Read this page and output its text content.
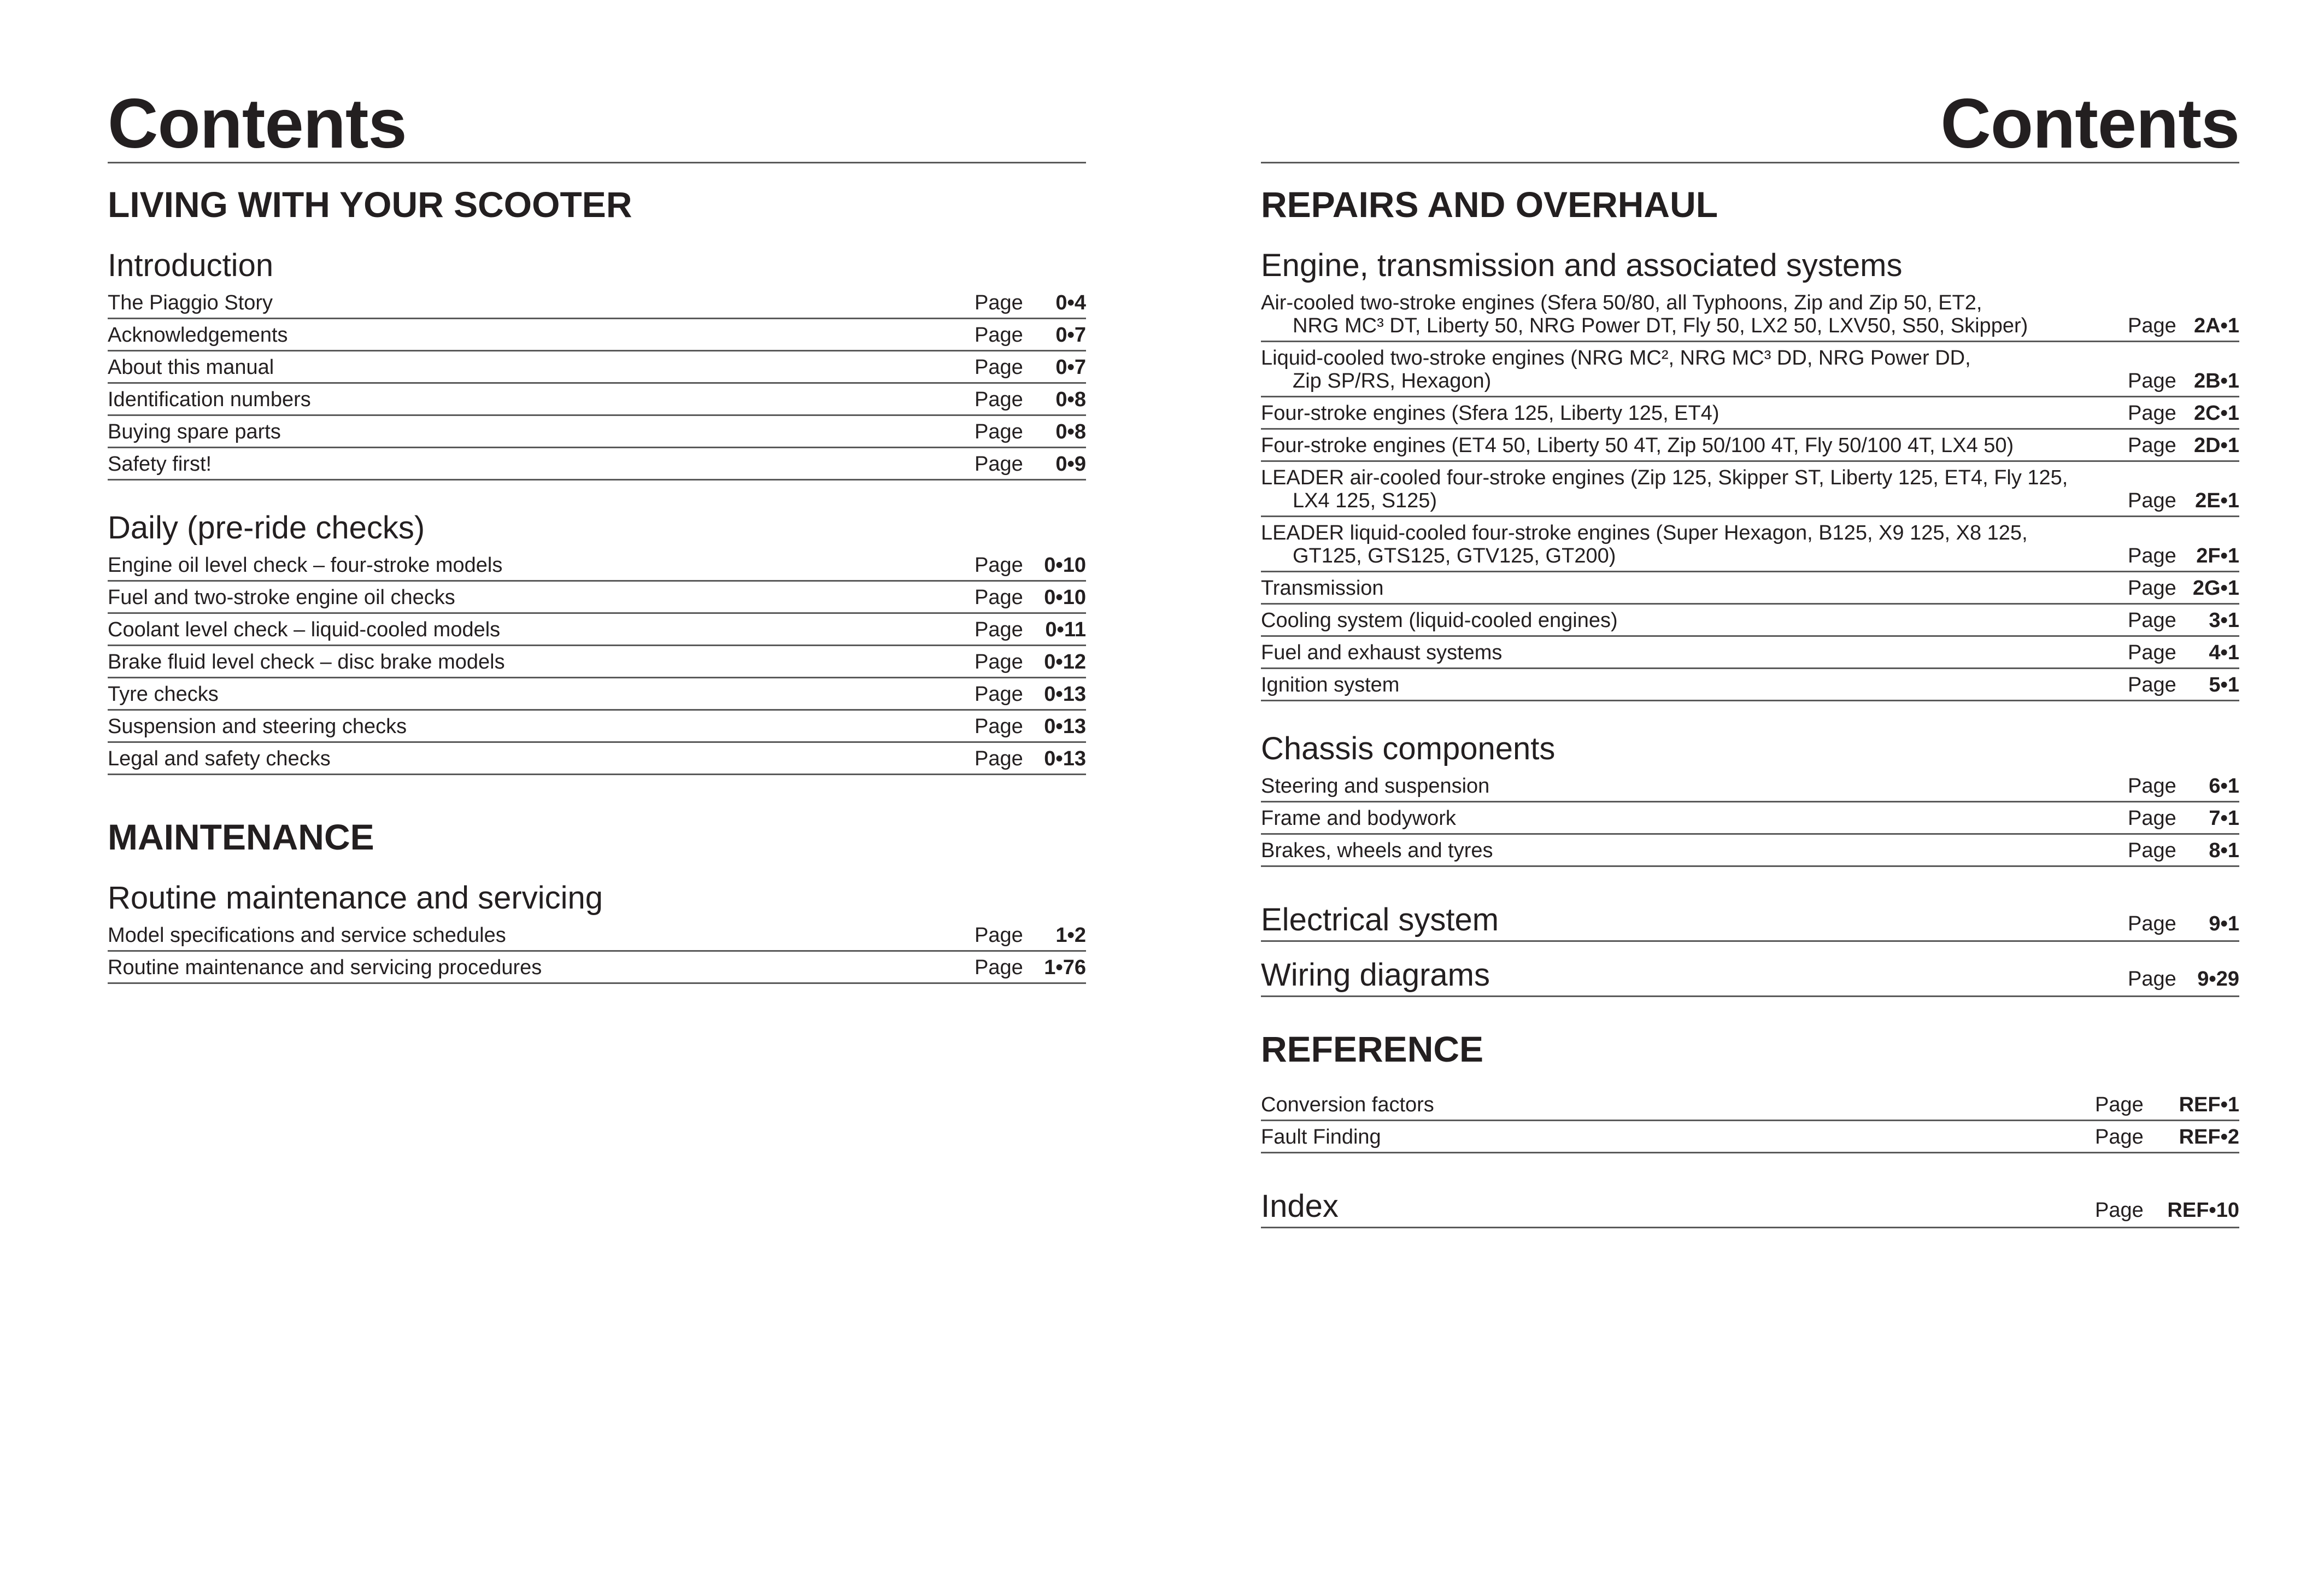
Contents
LIVING WITH YOUR SCOOTER
Introduction
The Piaggio Story	Page	0•4
Acknowledgements	Page	0•7
About this manual	Page	0•7
Identification numbers	Page	0•8
Buying spare parts	Page	0•8
Safety first!	Page	0•9
Daily (pre-ride checks)
Engine oil level check – four-stroke models	Page	0•10
Fuel and two-stroke engine oil checks	Page	0•10
Coolant level check – liquid-cooled models	Page	0•11
Brake fluid level check – disc brake models	Page	0•12
Tyre checks	Page	0•13
Suspension and steering checks	Page	0•13
Legal and safety checks	Page	0•13
MAINTENANCE
Routine maintenance and servicing
Model specifications and service schedules	Page	1•2
Routine maintenance and servicing procedures	Page	1•76
Contents
REPAIRS AND OVERHAUL
Engine, transmission and associated systems
Air-cooled two-stroke engines (Sfera 50/80, all Typhoons, Zip and Zip 50, ET2,
NRG MC³ DT, Liberty 50, NRG Power DT, Fly 50, LX2 50, LXV50, S50, Skipper)	Page 2A•1
Liquid-cooled two-stroke engines (NRG MC², NRG MC³ DD, NRG Power DD,
Zip SP/RS, Hexagon)	Page 2B•1
Four-stroke engines (Sfera 125, Liberty 125, ET4)	Page 2C•1
Four-stroke engines (ET4 50, Liberty 50 4T, Zip 50/100 4T, Fly 50/100 4T, LX4 50)	Page 2D•1
LEADER air-cooled four-stroke engines (Zip 125, Skipper ST, Liberty 125, ET4, Fly 125,
LX4 125, S125)	Page 2E•1
LEADER liquid-cooled four-stroke engines (Super Hexagon, B125, X9 125, X8 125,
GT125, GTS125, GTV125, GT200)	Page 2F•1
Transmission	Page 2G•1
Cooling system (liquid-cooled engines)	Page	3•1
Fuel and exhaust systems	Page	4•1
Ignition system	Page	5•1
Chassis components
Steering and suspension	Page	6•1
Frame and bodywork	Page	7•1
Brakes, wheels and tyres	Page	8•1
Electrical system	Page	9•1
Wiring diagrams	Page	9•29
REFERENCE
Conversion factors	Page	REF•1
Fault Finding	Page	REF•2
Index	Page	REF•10
